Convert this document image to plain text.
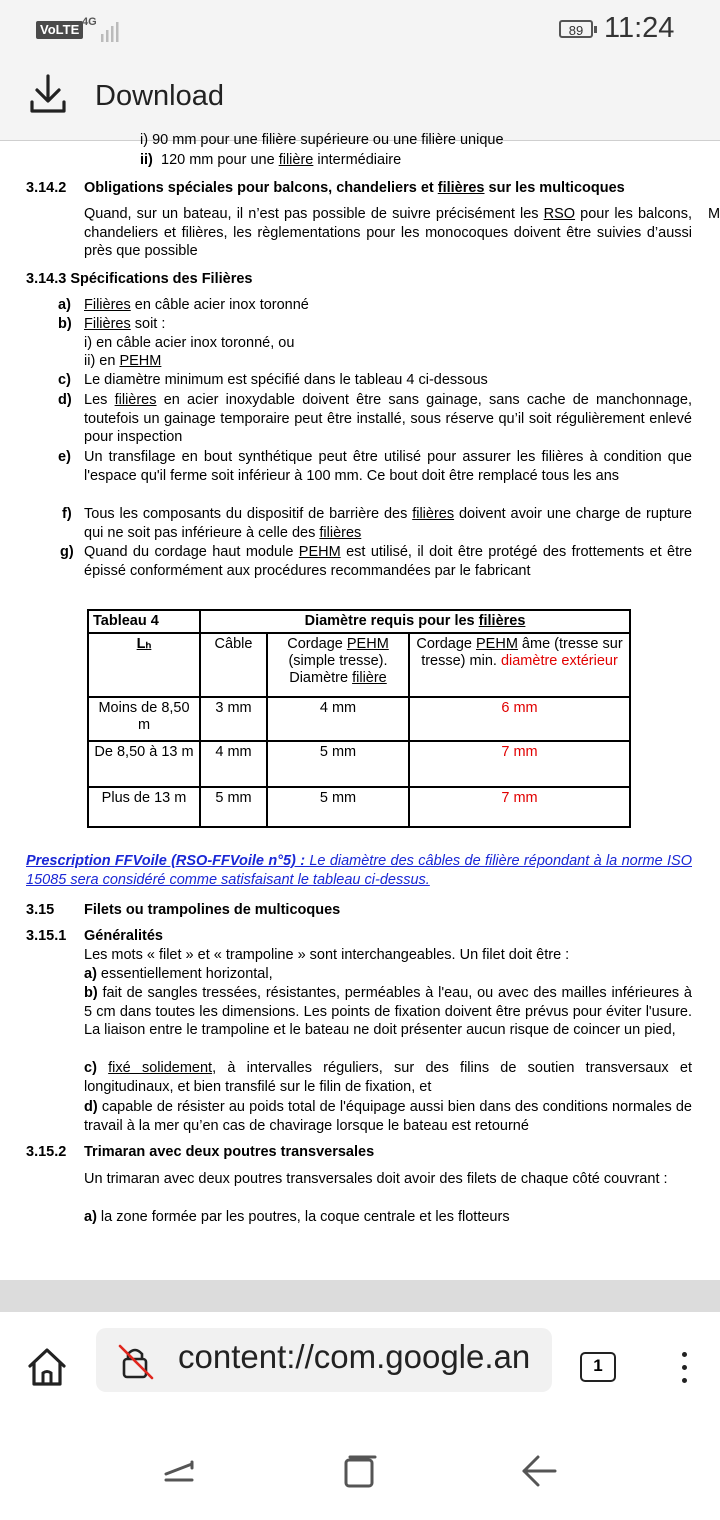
VoLTE 4G
89 11:24
Download
i) 90 mm pour une filière supérieure ou une filière unique
ii) 120 mm pour une filière intermédiaire
3.14.2 Obligations spéciales pour balcons, chandeliers et filières sur les multicoques
Quand, sur un bateau, il n’est pas possible de suivre précisément les RSO pour les balcons, chandeliers et filières, les règlementations pour les monocoques doivent être suivies d’aussi près que possible
M
3.14.3 Spécifications des Filières
a) Filières en câble acier inox toronné
b) Filières soit :
i) en câble acier inox toronné, ou
ii) en PEHM
c) Le diamètre minimum est spécifié dans le tableau 4 ci-dessous
d) Les filières en acier inoxydable doivent être sans gainage, sans cache de manchonnage, toutefois un gainage temporaire peut être installé, sous réserve qu’il soit régulièrement enlevé pour inspection
e) Un transfilage en bout synthétique peut être utilisé pour assurer les filières à condition que l'espace qu'il ferme soit inférieur à 100 mm. Ce bout doit être remplacé tous les ans
f) Tous les composants du dispositif de barrière des filières doivent avoir une charge de rupture qui ne soit pas inférieure à celle des filières
g) Quand du cordage haut module PEHM est utilisé, il doit être protégé des frottements et être épissé conformément aux procédures recommandées par le fabricant
Tableau 4	Diamètre requis pour les filières		
Lₕ	Câble	Cordage PEHM (simple tresse). Diamètre filière	Cordage PEHM âme (tresse sur tresse) min. diamètre extérieur
Moins de 8,50 m	3 mm	4 mm	6 mm
De 8,50 à 13 m	4 mm	5 mm	7 mm
Plus de 13 m	5 mm	5 mm	7 mm
Prescription FFVoile (RSO-FFVoile n°5) : Le diamètre des câbles de filière répondant à la norme ISO 15085 sera considéré comme satisfaisant le tableau ci-dessus.
3.15 Filets ou trampolines de multicoques
3.15.1 Généralités
Les mots « filet » et « trampoline » sont interchangeables. Un filet doit être :
a) essentiellement horizontal,
b) fait de sangles tressées, résistantes, perméables à l'eau, ou avec des mailles inférieures à 5 cm dans toutes les dimensions. Les points de fixation doivent être prévus pour éviter l'usure. La liaison entre le trampoline et le bateau ne doit présenter aucun risque de coincer un pied,
c) fixé solidement, à intervalles réguliers, sur des filins de soutien transversaux et longitudinaux, et bien transfilé sur le filin de fixation, et
d) capable de résister au poids total de l'équipage aussi bien dans des conditions normales de travail à la mer qu’en cas de chavirage lorsque le bateau est retourné
3.15.2 Trimaran avec deux poutres transversales
Un trimaran avec deux poutres transversales doit avoir des filets de chaque côté couvrant :
a) la zone formée par les poutres, la coque centrale et les flotteurs
content://com.google.an	1
